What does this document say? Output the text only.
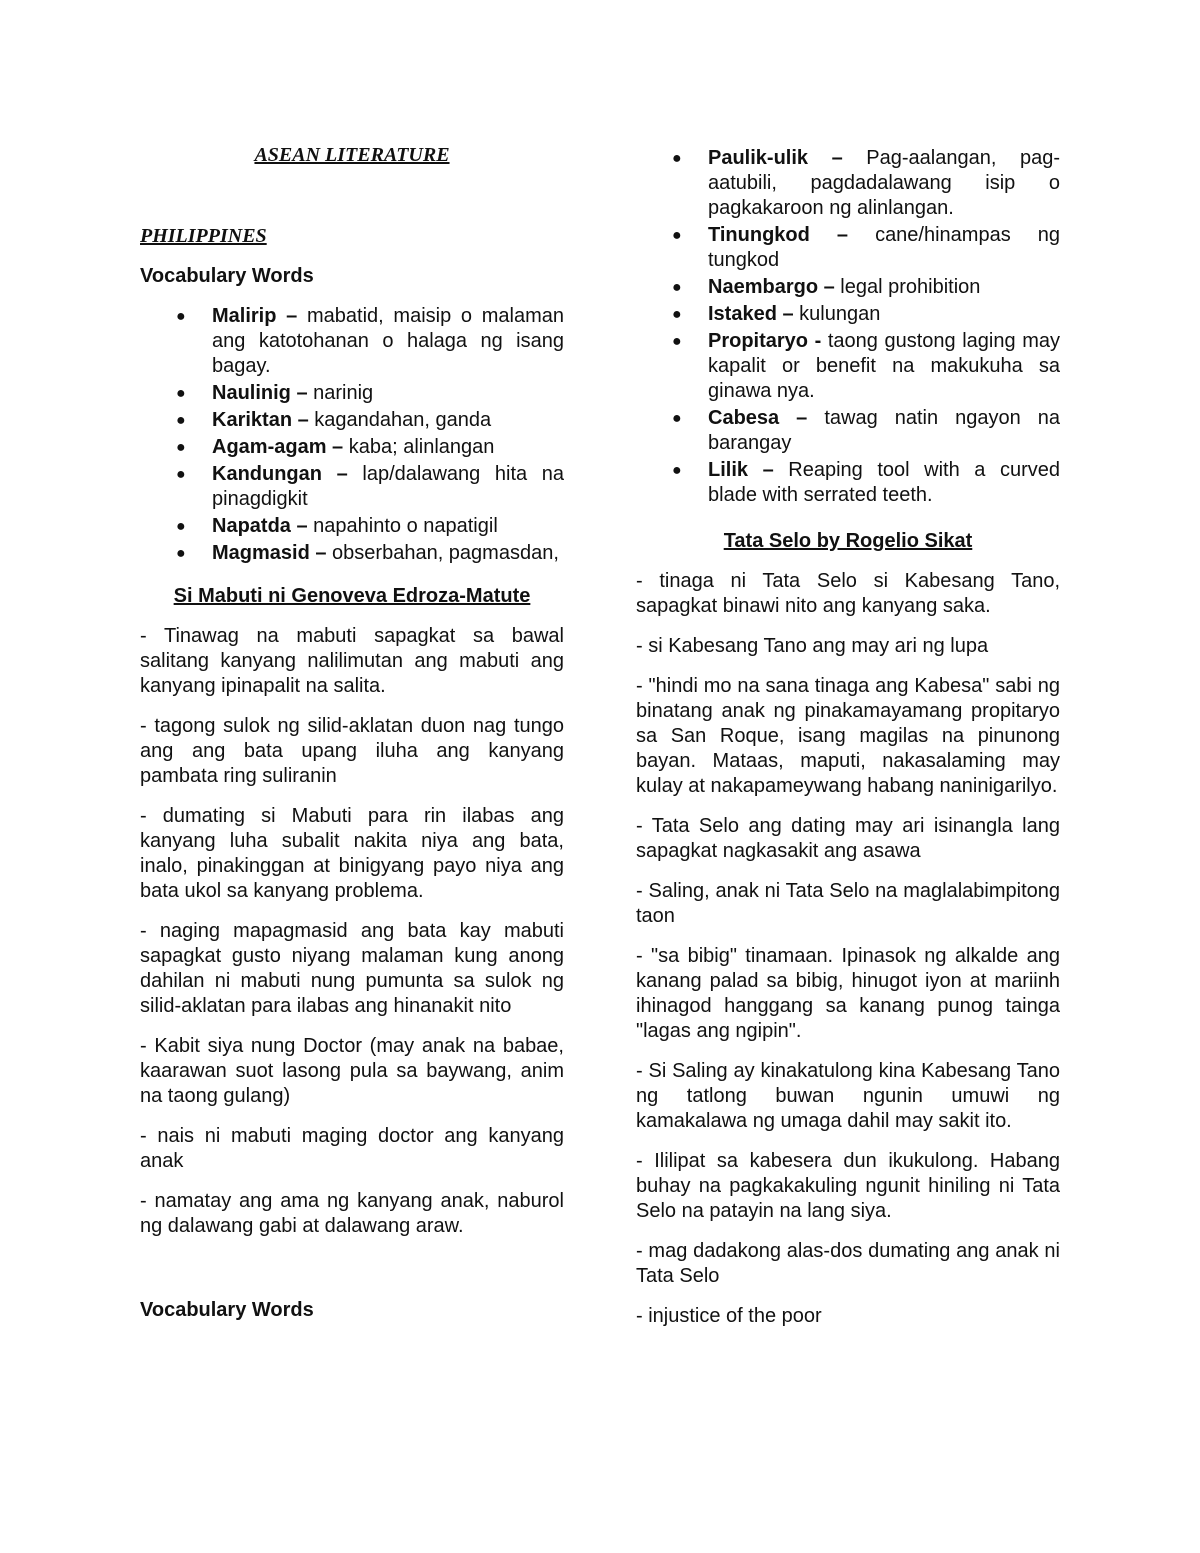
ASEAN LITERATURE
PHILIPPINES
Vocabulary Words
● Malirip – mabatid, maisip o malaman ang katotohanan o halaga ng isang bagay.
● Naulinig – narinig
● Kariktan – kagandahan, ganda
● Agam-agam – kaba; alinlangan
● Kandungan – lap/dalawang hita na pinagdigkit
● Napatda – napahinto o napatigil
● Magmasid – obserbahan, pagmasdan,
Si Mabuti ni Genoveva Edroza-Matute

- Tinawag na mabuti sapagkat sa bawal salitang kanyang nalilimutan ang mabuti ang kanyang ipinapalit na salita.

- tagong sulok ng silid-aklatan duon nag tungo ang ang bata upang iluha ang kanyang pambata ring suliranin

- dumating si Mabuti para rin ilabas ang kanyang luha subalit nakita niya ang bata, inalo, pinakinggan at binigyang payo niya ang bata ukol sa kanyang problema.

- naging mapagmasid ang bata kay mabuti sapagkat gusto niyang malaman kung anong dahilan ni mabuti nung pumunta sa sulok ng silid-aklatan para ilabas ang hinanakit nito

- Kabit siya nung Doctor (may anak na babae, kaarawan suot lasong pula sa baywang, anim na taong gulang)

- nais ni mabuti maging doctor ang kanyang anak

- namatay ang ama ng kanyang anak, naburol ng dalawang gabi at dalawang araw.

Vocabulary Words
● Paulik-ulik – Pag-aalangan, pag-aatubili, pagdadalawang isip o pagkakaroon ng alinlangan.
● Tinungkod – cane/hinampas ng tungkod
● Naembargo – legal prohibition
● Istaked – kulungan
● Propitaryo - taong gustong laging may kapalit or benefit na makukuha sa ginawa nya.
● Cabesa – tawag natin ngayon na barangay
● Lilik – Reaping tool with a curved blade with serrated teeth.
Tata Selo by Rogelio Sikat

- tinaga ni Tata Selo si Kabesang Tano, sapagkat binawi nito ang kanyang saka.

- si Kabesang Tano ang may ari ng lupa

- "hindi mo na sana tinaga ang Kabesa" sabi ng binatang anak ng pinakamayamang propitaryo sa San Roque, isang magilas na pinunong bayan. Mataas, maputi, nakasalaming may kulay at nakapameywang habang naninigarilyo.

- Tata Selo ang dating may ari isinangla lang sapagkat nagkasakit ang asawa

- Saling, anak ni Tata Selo na maglalabimpitong taon

- "sa bibig" tinamaan. Ipinasok ng alkalde ang kanang palad sa bibig, hinugot iyon at mariinh ihinagod hanggang sa kanang punog tainga "lagas ang ngipin".

- Si Saling ay kinakatulong kina Kabesang Tano ng tatlong buwan ngunin umuwi ng kamakalawa ng umaga dahil may sakit ito.

- Ililipat sa kabesera dun ikukulong. Habang buhay na pagkakakuling ngunit hiniling ni Tata Selo na patayin na lang siya.

- mag dadakong alas-dos dumating ang anak ni Tata Selo

- injustice of the poor
